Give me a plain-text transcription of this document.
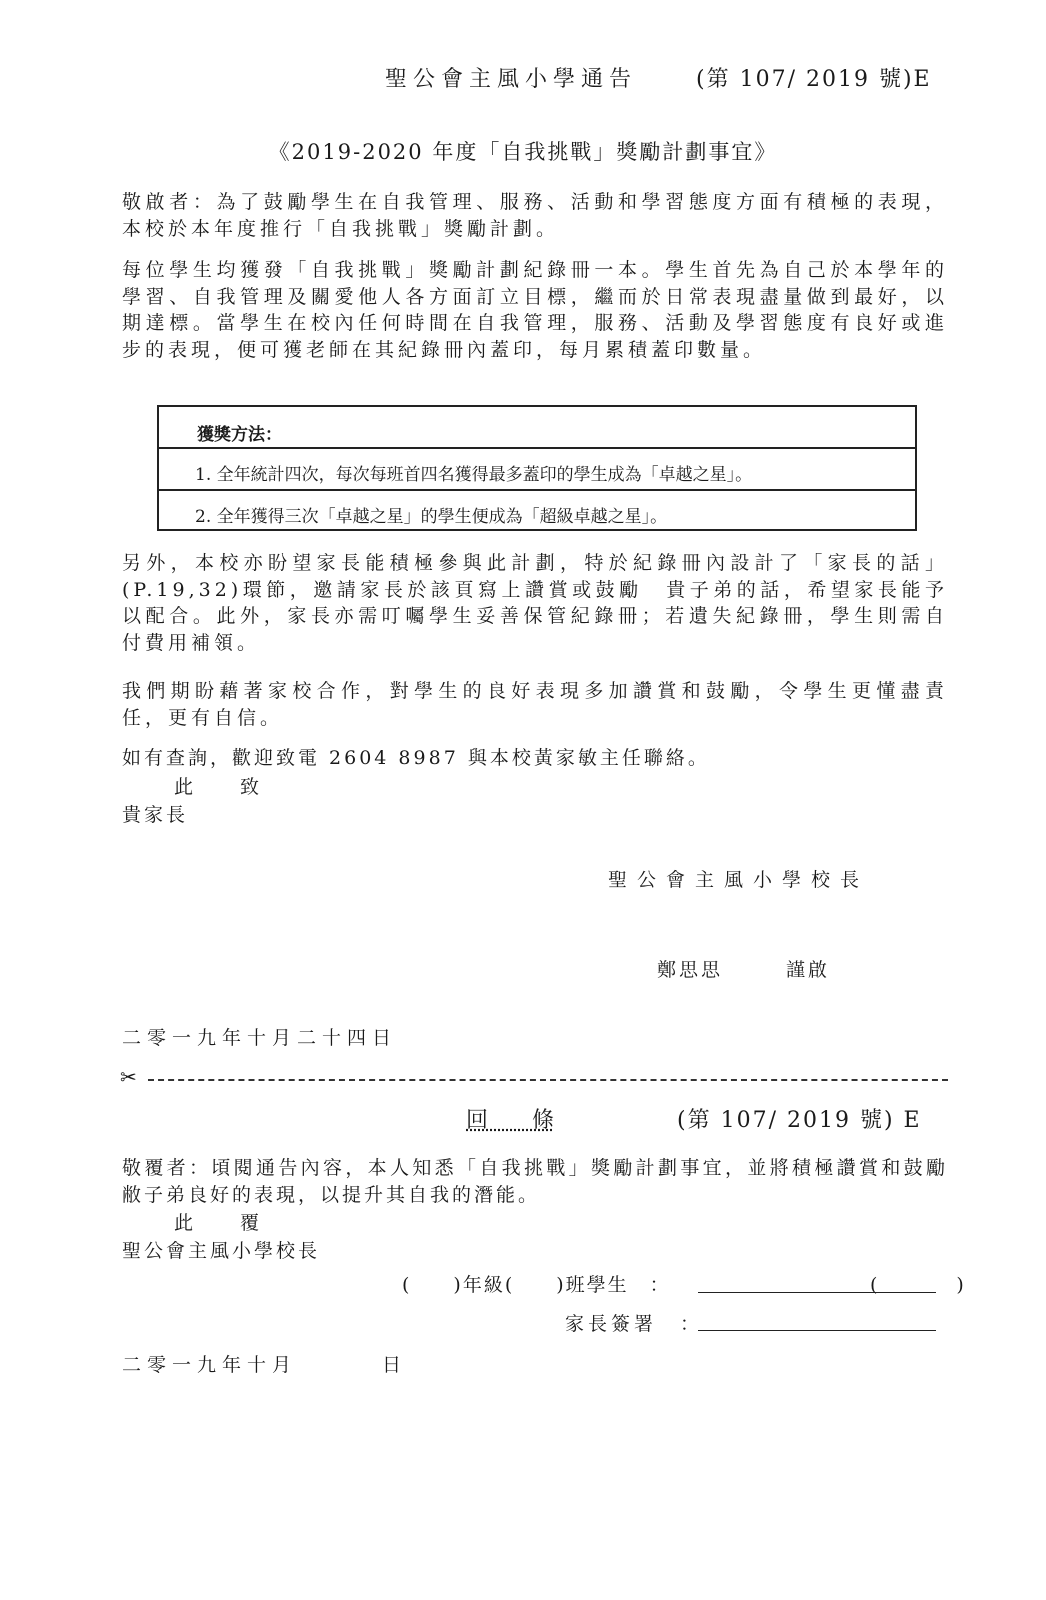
聖公會主風小學通告	(第 107/ 2019 號)E
《2019-2020 年度「自我挑戰」獎勵計劃事宜》
敬啟者：為了鼓勵學生在自我管理、服務、活動和學習態度方面有積極的表現，本校於本年度推行「自我挑戰」獎勵計劃。
每位學生均獲發「自我挑戰」獎勵計劃紀錄冊一本。學生首先為自己於本學年的學習、自我管理及關愛他人各方面訂立目標，繼而於日常表現盡量做到最好，以期達標。當學生在校內任何時間在自我管理，服務、活動及學習態度有良好或進步的表現，便可獲老師在其紀錄冊內蓋印，每月累積蓋印數量。
獲獎方法：
1. 全年統計四次，每次每班首四名獲得最多蓋印的學生成為「卓越之星」。
2. 全年獲得三次「卓越之星」的學生便成為「超級卓越之星」。
另外，本校亦盼望家長能積極參與此計劃，特於紀錄冊內設計了「家長的話」(P.19,32)環節，邀請家長於該頁寫上讚賞或鼓勵　貴子弟的話，希望家長能予以配合。此外，家長亦需叮囑學生妥善保管紀錄冊；若遺失紀錄冊，學生則需自付費用補領。
我們期盼藉著家校合作，對學生的良好表現多加讚賞和鼓勵，令學生更懂盡責任，更有自信。
如有查詢，歡迎致電 2604 8987 與本校黃家敏主任聯絡。
此　致
貴家長
聖公會主風小學校長
鄭思思	謹啟
二零一九年十月二十四日
✂
回　　條	(第 107/ 2019 號) E
敬覆者：頃閱通告內容，本人知悉「自我挑戰」獎勵計劃事宜，並將積極讚賞和鼓勵敝子弟良好的表現，以提升其自我的潛能。
此　覆
聖公會主風小學校長
(　　)年級(　　)班學生　：	(　)
家長簽署　：
二零一九年十月	日
